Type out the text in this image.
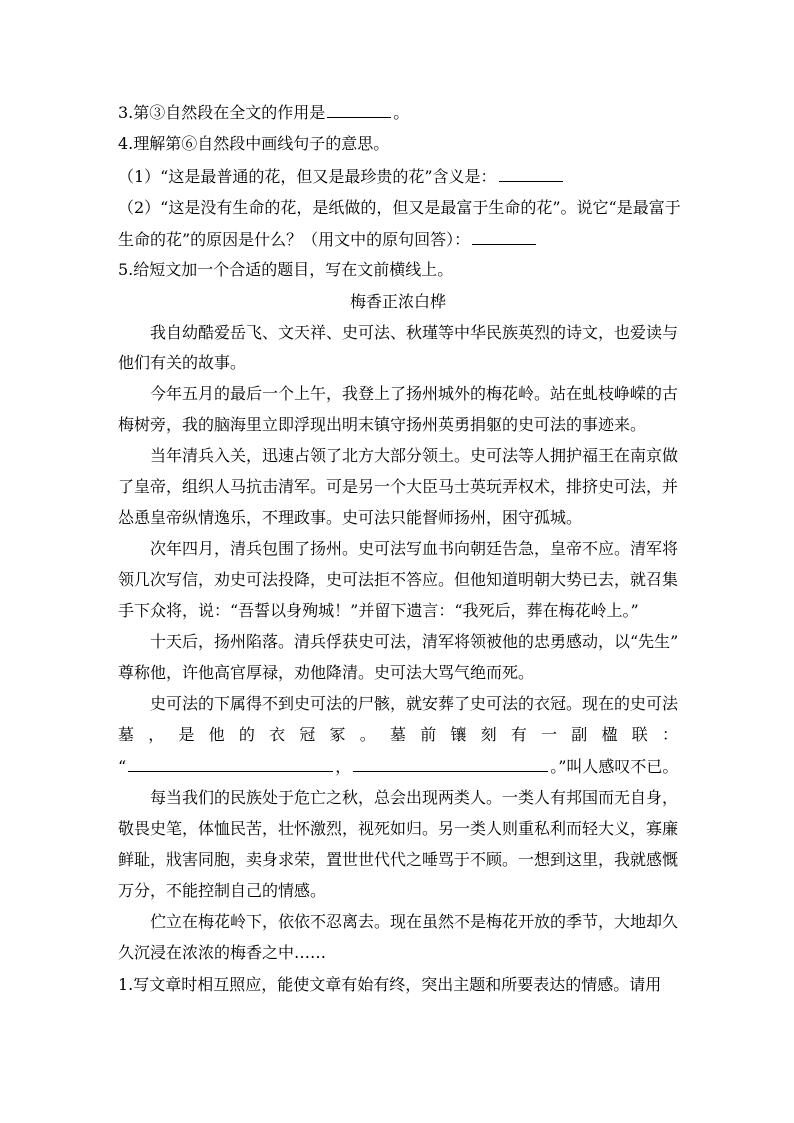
3.第③自然段在全文的作用是	。
4.理解第⑥自然段中画线句子的意思。
（1）“这是最普通的花，但又是最珍贵的花”含义是：
（2）“这是没有生命的花，是纸做的，但又是最富于生命的花”。说它“是最富于
生命的花”的原因是什么？（用文中的原句回答）：
5.给短文加一个合适的题目，写在文前横线上。
梅香正浓白桦
我自幼酷爱岳飞、文天祥、史可法、秋瑾等中华民族英烈的诗文，也爱读与
他们有关的故事。
今年五月的最后一个上午，我登上了扬州城外的梅花岭。站在虬枝峥嵘的古
梅树旁，我的脑海里立即浮现出明末镇守扬州英勇捐躯的史可法的事迹来。
当年清兵入关，迅速占领了北方大部分领土。史可法等人拥护福王在南京做
了皇帝，组织人马抗击清军。可是另一个大臣马士英玩弄权术，排挤史可法，并
怂恿皇帝纵情逸乐，不理政事。史可法只能督师扬州，困守孤城。
次年四月，清兵包围了扬州。史可法写血书向朝廷告急，皇帝不应。清军将
领几次写信，劝史可法投降，史可法拒不答应。但他知道明朝大势已去，就召集
手下众将，说：“吾誓以身殉城！”并留下遗言：“我死后，葬在梅花岭上。”
十天后，扬州陷落。清兵俘获史可法，清军将领被他的忠勇感动，以“先生”
尊称他，许他高官厚禄，劝他降清。史可法大骂气绝而死。
史可法的下属得不到史可法的尸骸，就安葬了史可法的衣冠。现在的史可法
墓 ， 是 他 的 衣 冠 冢 。 墓 前 镶 刻 有 一 副 楹 联 ：
“	，	。”叫人感叹不已。
每当我们的民族处于危亡之秋，总会出现两类人。一类人有邦国而无自身，
敬畏史笔，体恤民苦，壮怀激烈，视死如归。另一类人则重私利而轻大义，寡廉
鲜耻，戕害同胞，卖身求荣，置世世代代之唾骂于不顾。一想到这里，我就感慨
万分，不能控制自己的情感。
伫立在梅花岭下，依依不忍离去。现在虽然不是梅花开放的季节，大地却久
久沉浸在浓浓的梅香之中……
1.写文章时相互照应，能使文章有始有终，突出主题和所要表达的情感。请用
